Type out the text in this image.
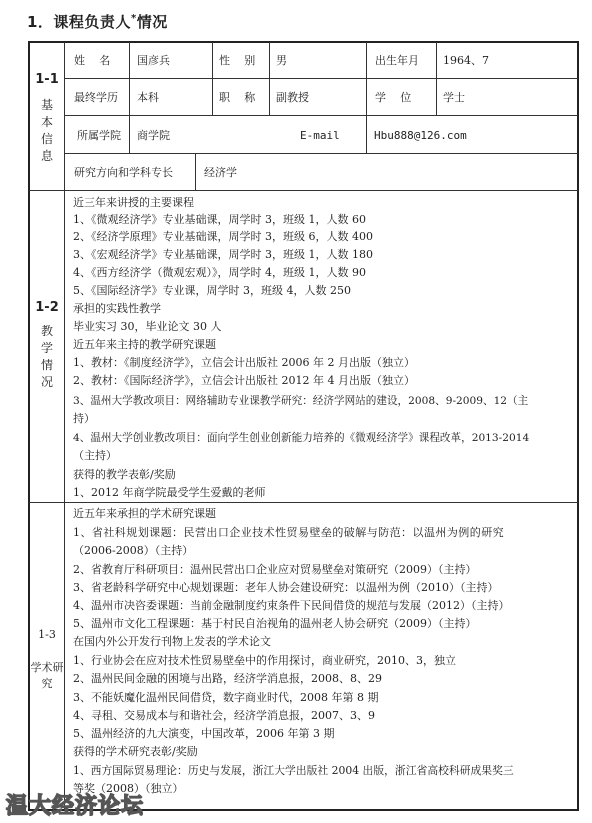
1．课程负责人*情况
1-1
基本信息
姓　名 国彦兵	性　别 男	出生年月 1964、7
最终学历 本科	职　称 副教授	学　位	学士
所属学院 商学院	E-mail	Hbu888@126.com
研究方向和学科专长	经济学
1-2
教学情况
近三年来讲授的主要课程
1、《微观经济学》专业基础课，周学时 3，班级 1，人数 60
2、《经济学原理》专业基础课，周学时 3，班级 6，人数 400
3、《宏观经济学》专业基础课，周学时 3，班级 1，人数 180
4、《西方经济学（微观宏观）》，周学时 4，班级 1，人数 90
5、《国际经济学》专业课，周学时 3，班级 4，人数 250
承担的实践性教学
毕业实习 30，毕业论文 30 人
近五年来主持的教学研究课题
1、教材：《制度经济学》，立信会计出版社 2006 年 2 月出版（独立）
2、教材：《国际经济学》，立信会计出版社 2012 年 4 月出版（独立）
3、温州大学教改项目：网络辅助专业课教学研究：经济学网站的建设，2008、9-2009、12（主
持）
4、温州大学创业教改项目：面向学生创业创新能力培养的《微观经济学》课程改革，2013-2014
（主持）
获得的教学表彰/奖励
1、2012 年商学院最受学生爱戴的老师
1-3
学术研究
近五年来承担的学术研究课题
1、省社科规划课题：民营出口企业技术性贸易壁垒的破解与防范：以温州为例的研究
（2006-2008）（主持）
2、省教育厅科研项目：温州民营出口企业应对贸易壁垒对策研究（2009）（主持）
3、省老龄科学研究中心规划课题：老年人协会建设研究：以温州为例（2010）（主持）
4、温州市决咨委课题：当前金融制度约束条件下民间借贷的规范与发展（2012）（主持）
5、温州市文化工程课题：基于村民自治视角的温州老人协会研究（2009）（主持）
在国内外公开发行刊物上发表的学术论文
1、行业协会在应对技术性贸易壁垒中的作用探讨，商业研究，2010、3，独立
2、温州民间金融的困境与出路，经济学消息报，2008、8、29
3、不能妖魔化温州民间借贷，数字商业时代，2008 年第 8 期
4、寻租、交易成本与和谐社会，经济学消息报，2007、3、9
5、温州经济的九大演变，中国改革，2006 年第 3 期
获得的学术研究表彰/奖励
1、西方国际贸易理论：历史与发展，浙江大学出版社 2004 出版，浙江省高校科研成果奖三
等奖（2008）（独立）
温大经济论坛
